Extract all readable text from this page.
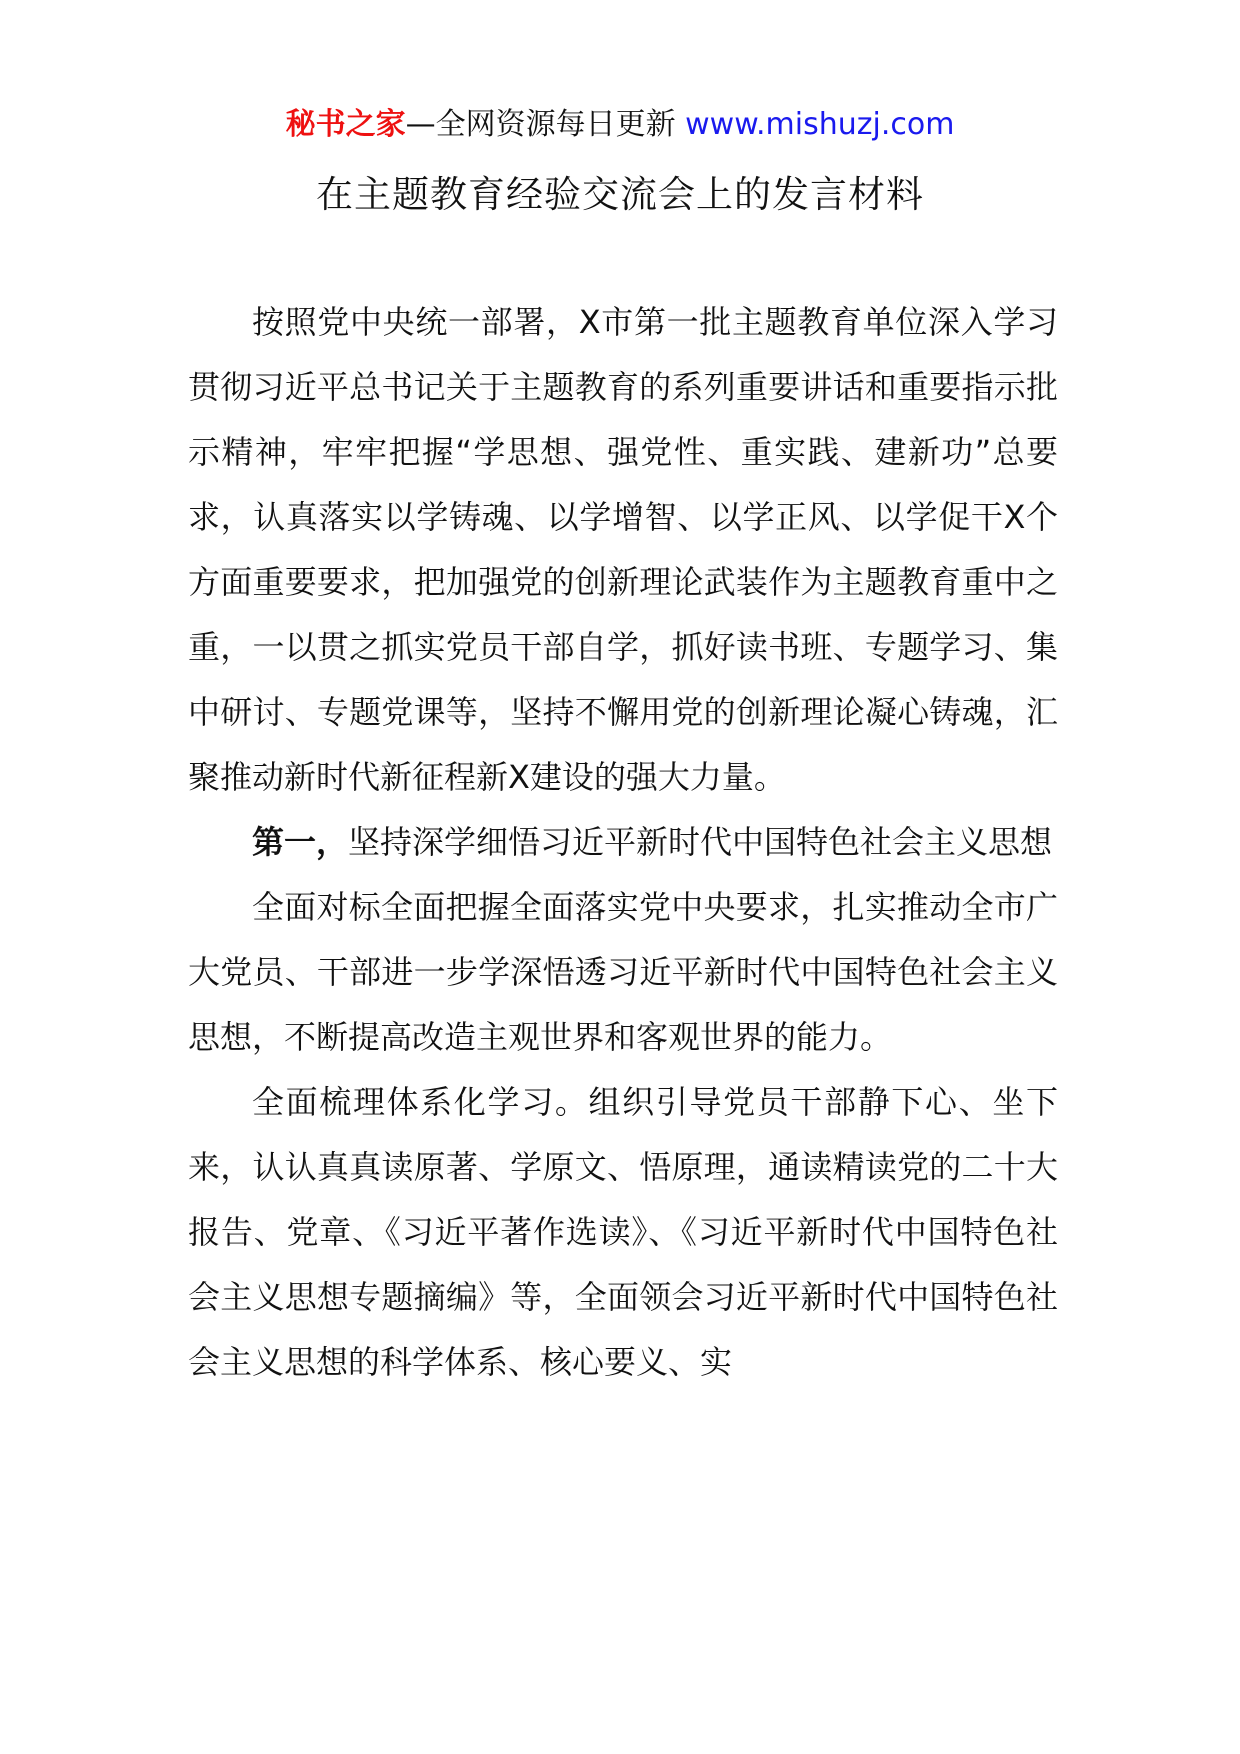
秘书之家—全网资源每日更新 www.mishuzj.com
在主题教育经验交流会上的发言材料

按照党中央统一部署，X市第一批主题教育单位深入学习贯彻习近平总书记关于主题教育的系列重要讲话和重要指示批示精神，牢牢把握“学思想、强党性、重实践、建新功”总要求，认真落实以学铸魂、以学增智、以学正风、以学促干X个方面重要要求，把加强党的创新理论武装作为主题教育重中之重，一以贯之抓实党员干部自学，抓好读书班、专题学习、集中研讨、专题党课等，坚持不懈用党的创新理论凝心铸魂，汇聚推动新时代新征程新X建设的强大力量。

第一，坚持深学细悟习近平新时代中国特色社会主义思想

全面对标全面把握全面落实党中央要求，扎实推动全市广大党员、干部进一步学深悟透习近平新时代中国特色社会主义思想，不断提高改造主观世界和客观世界的能力。

全面梳理体系化学习。组织引导党员干部静下心、坐下来，认认真真读原著、学原文、悟原理，通读精读党的二十大报告、党章、《习近平著作选读》、《习近平新时代中国特色社会主义思想专题摘编》等，全面领会习近平新时代中国特色社会主义思想的科学体系、核心要义、实
